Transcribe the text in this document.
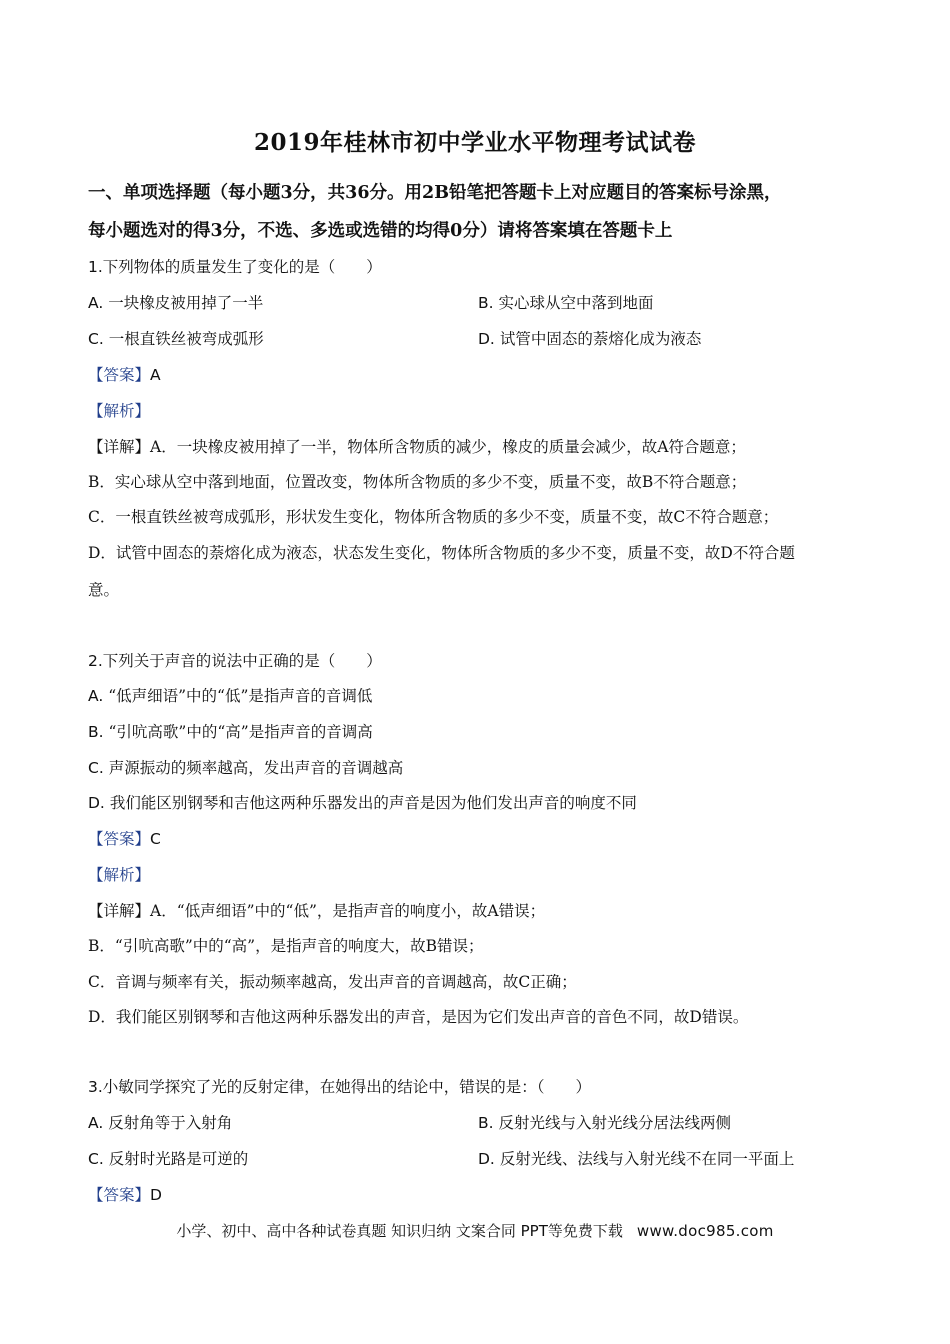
2019年桂林市初中学业水平物理考试试卷
一、单项选择题（每小题3分，共36分。用2B铅笔把答题卡上对应题目的答案标号涂黑，
每小题选对的得3分，不选、多选或选错的均得0分）请将答案填在答题卡上
1.下列物体的质量发生了变化的是（　　）
A. 一块橡皮被用掉了一半	B. 实心球从空中落到地面
C. 一根直铁丝被弯成弧形	D. 试管中固态的萘熔化成为液态
【答案】A
【解析】
【详解】A．一块橡皮被用掉了一半，物体所含物质的减少，橡皮的质量会减少，故A符合题意；
B．实心球从空中落到地面，位置改变，物体所含物质的多少不变，质量不变，故B不符合题意；
C．一根直铁丝被弯成弧形，形状发生变化，物体所含物质的多少不变，质量不变，故C不符合题意；
D．试管中固态的萘熔化成为液态，状态发生变化，物体所含物质的多少不变，质量不变，故D不符合题
意。
2.下列关于声音的说法中正确的是（　　）
A. “低声细语”中的“低”是指声音的音调低
B. “引吭高歌”中的“高”是指声音的音调高
C. 声源振动的频率越高，发出声音的音调越高
D. 我们能区别钢琴和吉他这两种乐器发出的声音是因为他们发出声音的响度不同
【答案】C
【解析】
【详解】A．“低声细语”中的“低”，是指声音的响度小，故A错误；
B．“引吭高歌”中的“高”，是指声音的响度大，故B错误；
C．音调与频率有关，振动频率越高，发出声音的音调越高，故C正确；
D．我们能区别钢琴和吉他这两种乐器发出的声音，是因为它们发出声音的音色不同，故D错误。
3.小敏同学探究了光的反射定律，在她得出的结论中，错误的是：（　　）
A. 反射角等于入射角	B. 反射光线与入射光线分居法线两侧
C. 反射时光路是可逆的	D. 反射光线、法线与入射光线不在同一平面上
【答案】D
小学、初中、高中各种试卷真题 知识归纳 文案合同 PPT等免费下载 www.doc985.com
